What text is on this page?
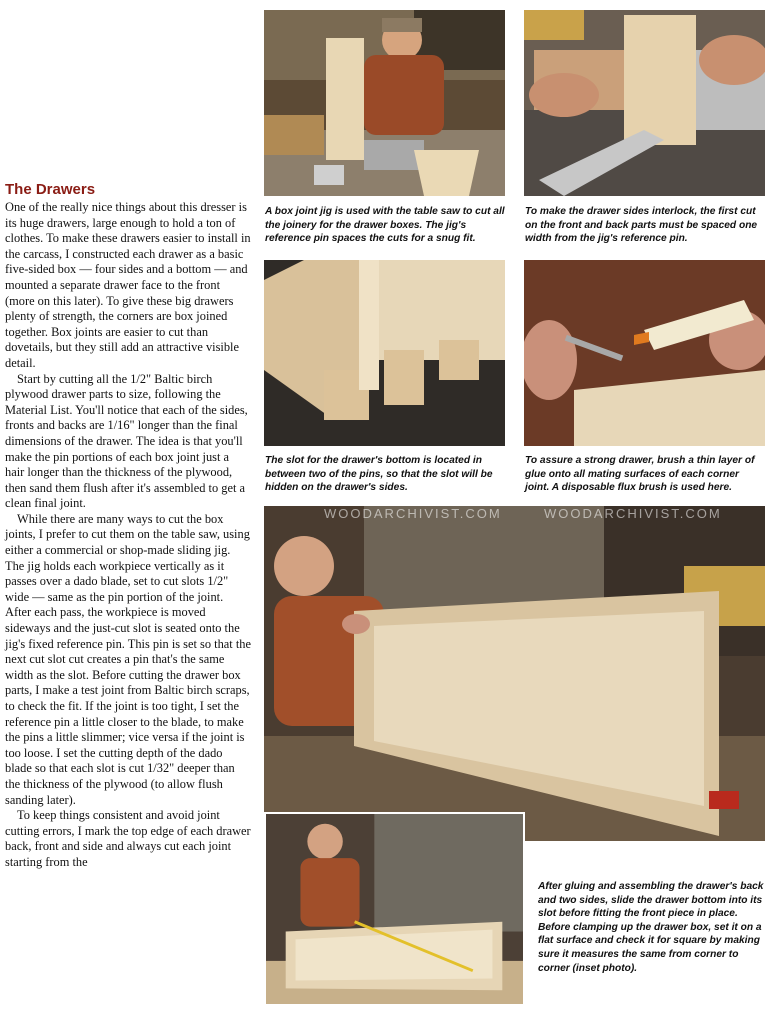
The Drawers

One of the really nice things about this dresser is its huge drawers, large enough to hold a ton of clothes. To make these drawers easier to install in the carcass, I constructed each drawer as a basic five-sided box — four sides and a bottom — and mounted a separate drawer face to the front (more on this later). To give these big drawers plenty of strength, the corners are box joined together. Box joints are easier to cut than dovetails, but they still add an attractive visible detail.

Start by cutting all the 1/2" Baltic birch plywood drawer parts to size, following the Material List. You'll notice that each of the sides, fronts and backs are 1/16" longer than the final dimensions of the drawer. The idea is that you'll make the pin portions of each box joint just a hair longer than the thickness of the plywood, then sand them flush after it's assembled to get a clean final joint.

While there are many ways to cut the box joints, I prefer to cut them on the table saw, using either a commercial or shop-made sliding jig. The jig holds each workpiece vertically as it passes over a dado blade, set to cut slots 1/2" wide — same as the pin portion of the joint. After each pass, the workpiece is moved sideways and the just-cut slot is seated onto the jig's fixed reference pin. This pin is set so that the next cut slot cut creates a pin that's the same width as the slot. Before cutting the drawer box parts, I make a test joint from Baltic birch scraps, to check the fit. If the joint is too tight, I set the reference pin a little closer to the blade, to make the pins a little slimmer; vice versa if the joint is too loose. I set the cutting depth of the dado blade so that each slot is cut 1/32" deeper than the thickness of the plywood (to allow flush sanding later).

To keep things consistent and avoid joint cutting errors, I mark the top edge of each drawer back, front and side and always cut each joint starting from the

A box joint jig is used with the table saw to cut all the joinery for the drawer boxes. The jig's reference pin spaces the cuts for a snug fit.

To make the drawer sides interlock, the first cut on the front and back parts must be spaced one width from the jig's reference pin.

The slot for the drawer's bottom is located in between two of the pins, so that the slot will be hidden on the drawer's sides.

To assure a strong drawer, brush a thin layer of glue onto all mating surfaces of each corner joint. A disposable flux brush is used here.

WOODARCHIVIST.COM	WOODARCHIVIST.COM

After gluing and assembling the drawer's back and two sides, slide the drawer bottom into its slot before fitting the front piece in place. Before clamping up the drawer box, set it on a flat surface and check it for square by making sure it measures the same from corner to corner (inset photo).
